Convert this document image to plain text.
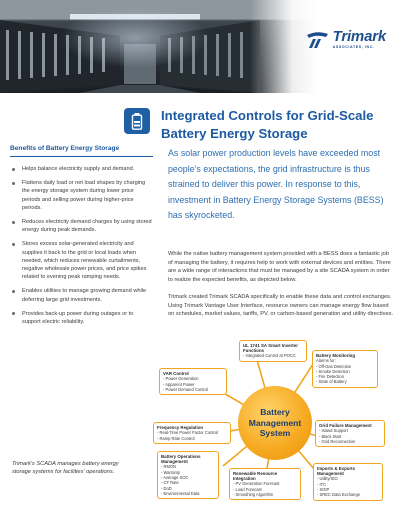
Trimark
ASSOCIATES, INC.
Integrated Controls for Grid-Scale
Battery Energy Storage
Benefits of Battery Energy Storage
Helps balance electricity supply and demand.
Flattens daily load or net load shapes by charging the energy storage system during lower price periods and selling power during higher-price periods.
Reduces electricity demand charges by using stored energy during peak demands.
Stores excess solar-generated electricity and supplies it back to the grid or local loads when needed, which reduces renewable curtailments, negative wholesale power prices, and price spikes related to evening peak ramping needs.
Enables utilities to manage growing demand while deferring large grid investments.
Provides back-up power during outages or to support electric reliability.
Trimark's SCADA manages battery energy storage systems for facilities' operations.
As solar power production levels have exceeded most people's expectations, the grid infrastructure is thus strained to deliver this power. In response to this, investment in Battery Energy Storage Systems (BESS) has skyrocketed.
While the native battery management system provided with a BESS does a fantastic job of managing the battery, it requires help to work with external devices and entities. There are a wide range of interactions that must be managed by a site SCADA system in order to realize the expected benefits, as depicted below.
Trimark created Trimark SCADA specifically to enable these data and control exchanges. Using Trimark Vantage User Interface, resource owners can manage energy flow based on schedules, market values, tariffs, PV, or carbon-based generation and utility directives.
UL 1741 SA Smart Inverter Functions
- Integrated Control at POCC	Battery Monitoring
Alarms for:
- Off-Gas Detection
- Smoke Detection
- Fire Detection
- State of Battery
VAR Control
- Power Generation
- Apparent Power
- Power Demand Control
Frequency Regulation
- Real-Time Power Factor Control
- Ramp Rate Control
Grid Failure Management
- Island Support
- Black Start
- Grid Reconnection
Battery Operations Management
- RMON
- Warranty
- Average SOC
- CF Rate
- DoD
- Environmental Data
Imports & Exports Management
- Utility/ISO
- ITC
- SGIP
- SREC Data Exchange
Renewable Resource Integration
- PV Generation Forecast
- Load Forecast
- Smoothing Algorithm
Battery Management System
